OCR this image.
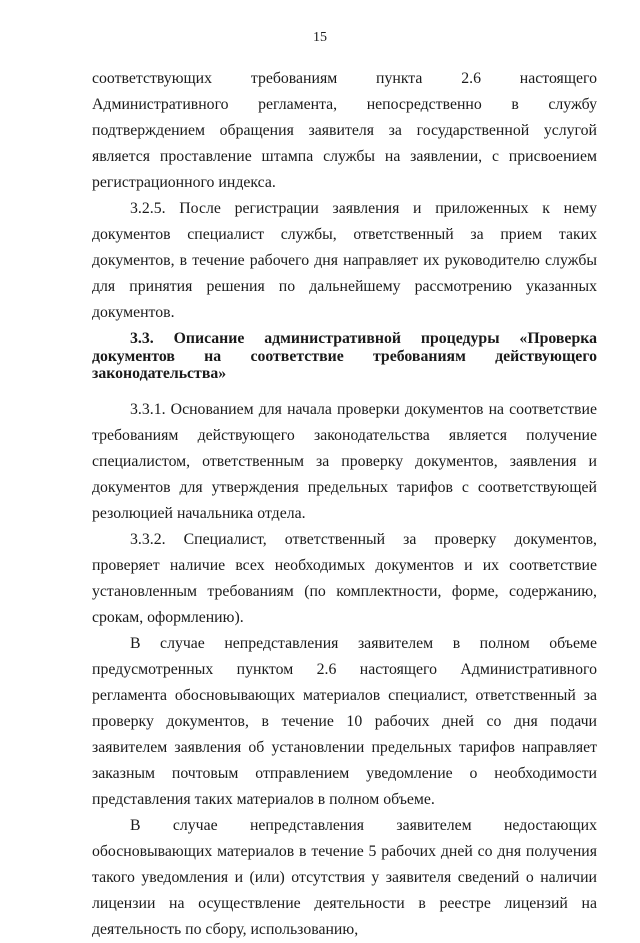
15

соответствующих требованиям пункта 2.6 настоящего Административного регламента, непосредственно в службу подтверждением обращения заявителя за государственной услугой является проставление штампа службы на заявлении, с присвоением регистрационного индекса.

3.2.5. После регистрации заявления и приложенных к нему документов специалист службы, ответственный за прием таких документов, в течение рабочего дня направляет их руководителю службы для принятия решения по дальнейшему рассмотрению указанных документов.

3.3. Описание административной процедуры «Проверка документов на соответствие требованиям действующего законодательства»

3.3.1. Основанием для начала проверки документов на соответствие требованиям действующего законодательства является получение специалистом, ответственным за проверку документов, заявления и документов для утверждения предельных тарифов с соответствующей резолюцией начальника отдела.

3.3.2. Специалист, ответственный за проверку документов, проверяет наличие всех необходимых документов и их соответствие установленным требованиям (по комплектности, форме, содержанию, срокам, оформлению).

В случае непредставления заявителем в полном объеме предусмотренных пунктом 2.6 настоящего Административного регламента обосновывающих материалов специалист, ответственный за проверку документов, в течение 10 рабочих дней со дня подачи заявителем заявления об установлении предельных тарифов направляет заказным почтовым отправлением уведомление о необходимости представления таких материалов в полном объеме.

В случае непредставления заявителем недостающих обосновывающих материалов в течение 5 рабочих дней со дня получения такого уведомления и (или) отсутствия у заявителя сведений о наличии лицензии на осуществление деятельности в реестре лицензий на деятельность по сбору, использованию,
